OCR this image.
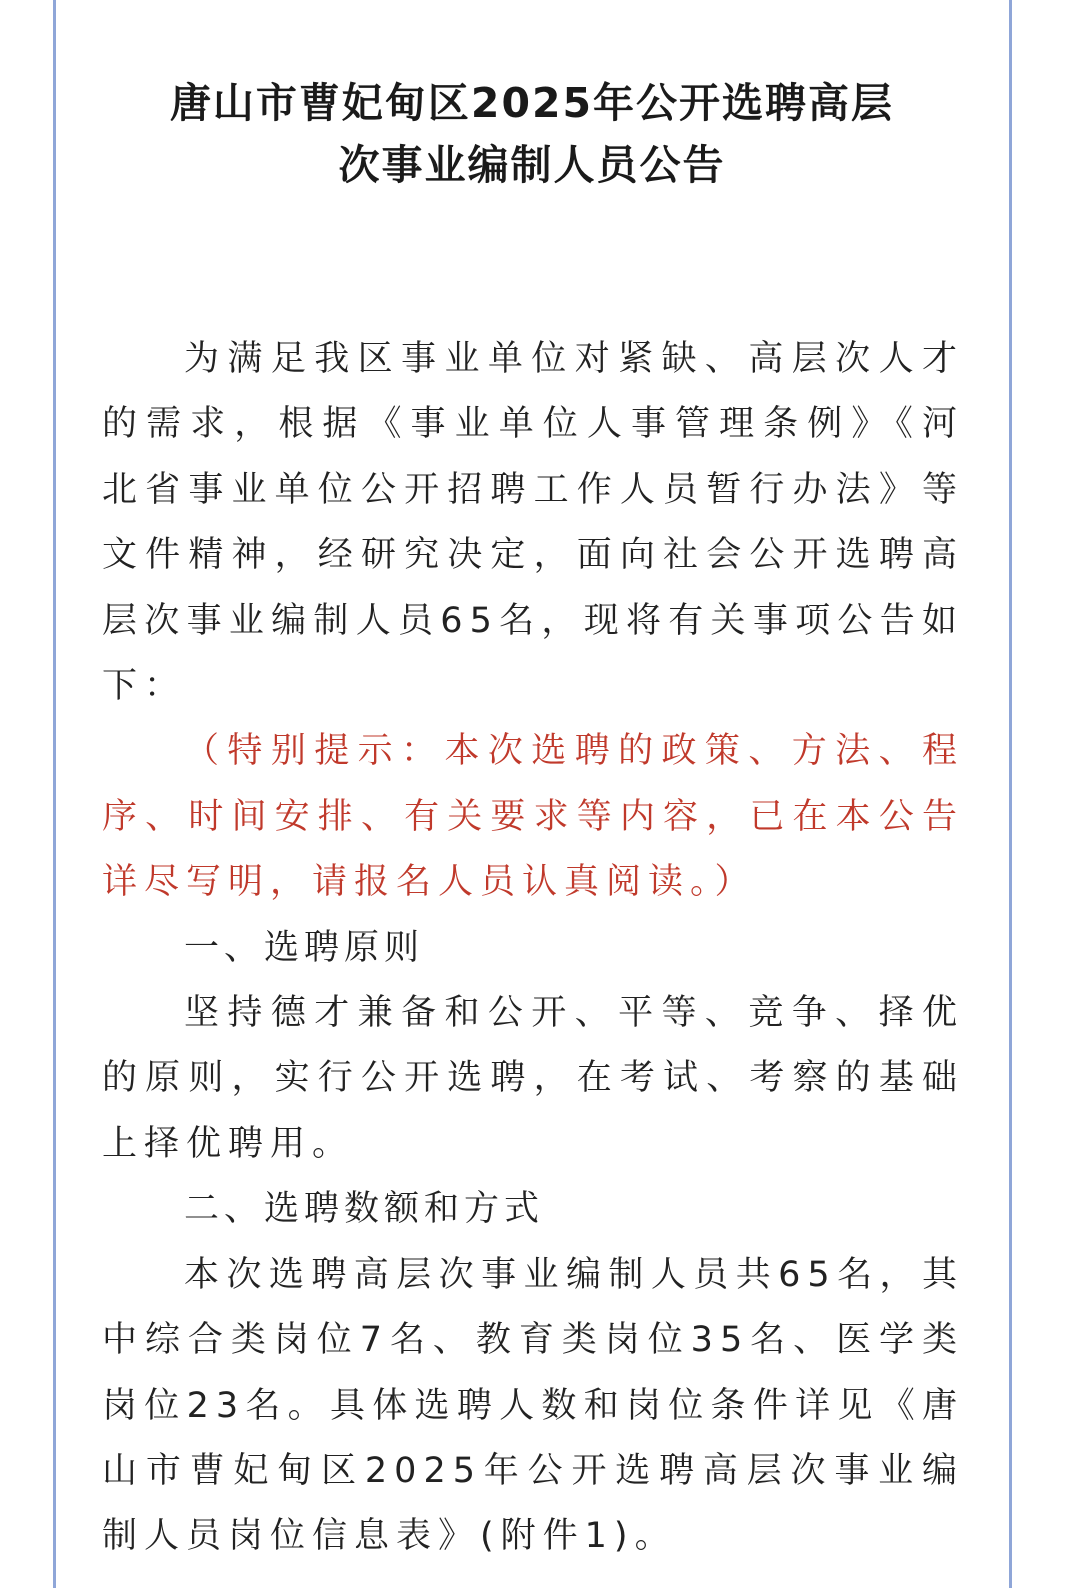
唐山市曹妃甸区2025年公开选聘高层
次事业编制人员公告

为满足我区事业单位对紧缺、高层次人才的需求，根据《事业单位人事管理条例》《河北省事业单位公开招聘工作人员暂行办法》等文件精神，经研究决定，面向社会公开选聘高层次事业编制人员65名，现将有关事项公告如下：

（特别提示：本次选聘的政策、方法、程序、时间安排、有关要求等内容，已在本公告详尽写明，请报名人员认真阅读。）

一、选聘原则

坚持德才兼备和公开、平等、竞争、择优的原则，实行公开选聘，在考试、考察的基础上择优聘用。

二、选聘数额和方式

本次选聘高层次事业编制人员共65名，其中综合类岗位7名、教育类岗位35名、医学类岗位23名。具体选聘人数和岗位条件详见《唐山市曹妃甸区2025年公开选聘高层次事业编制人员岗位信息表》(附件1)。
